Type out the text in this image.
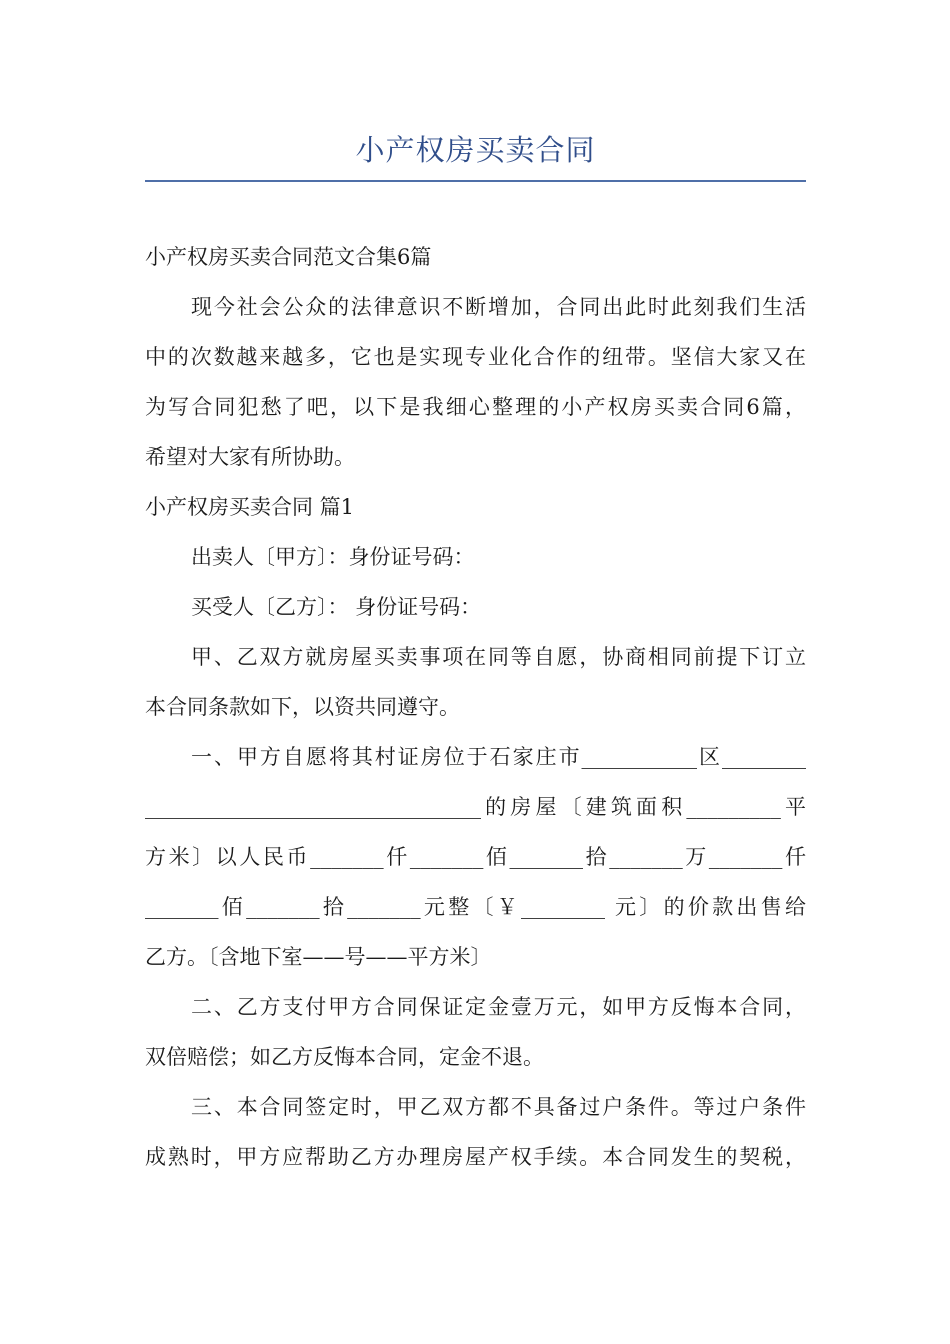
小产权房买卖合同
小产权房买卖合同范文合集6篇
现今社会公众的法律意识不断增加，合同出此时此刻我们生活
中的次数越来越多，它也是实现专业化合作的纽带。坚信大家又在
为写合同犯愁了吧，以下是我细心整理的小产权房买卖合同6篇，
希望对大家有所协助。
小产权房买卖合同 篇1
出卖人〔甲方〕：身份证号码：
买受人〔乙方〕： 身份证号码：
甲、乙双方就房屋买卖事项在同等自愿，协商相同前提下订立
本合同条款如下，以资共同遵守。
一、甲方自愿将其村证房位于石家庄市___________区________
________________________________的房屋〔建筑面积_________平
方米〕以人民币_______仟_______佰_______拾_______万_______仟
_______佰_______拾_______元整〔￥________ 元〕的价款出售给
乙方。〔含地下室——号——平方米〕
二、乙方支付甲方合同保证定金壹万元，如甲方反悔本合同，
双倍赔偿；如乙方反悔本合同，定金不退。
三、本合同签定时，甲乙双方都不具备过户条件。等过户条件
成熟时，甲方应帮助乙方办理房屋产权手续。本合同发生的契税，
